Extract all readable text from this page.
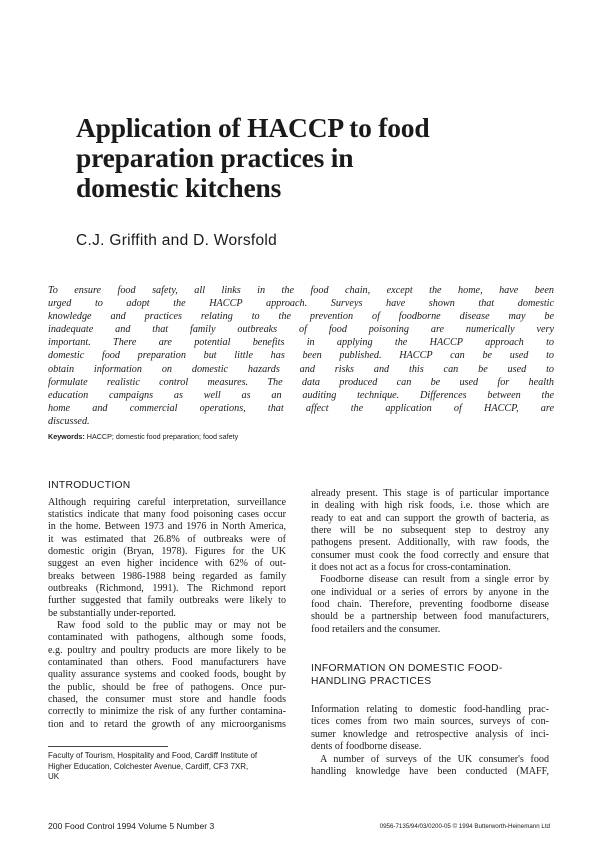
Application of HACCP to food
preparation practices in
domestic kitchens

C.J. Griffith and D. Worsfold

To ensure food safety, all links in the food chain, except the home, have been
urged to adopt the HACCP approach. Surveys have shown that domestic
knowledge and practices relating to the prevention of foodborne disease may be
inadequate and that family outbreaks of food poisoning are numerically very
important. There are potential benefits in applying the HACCP approach to
domestic food preparation but little has been published. HACCP can be used to
obtain information on domestic hazards and risks and this can be used to
formulate realistic control measures. The data produced can be used for health
education campaigns as well as an auditing technique. Differences between the
home and commercial operations, that affect the application of HACCP, are
discussed.

Keywords: HACCP; domestic food preparation; food safety

INTRODUCTION
Although requiring careful interpretation, surveillance
statistics indicate that many food poisoning cases occur
in the home. Between 1973 and 1976 in North America,
it was estimated that 26.8% of outbreaks were of
domestic origin (Bryan, 1978). Figures for the UK
suggest an even higher incidence with 62% of out-
breaks between 1986-1988 being regarded as family
outbreaks (Richmond, 1991). The Richmond report
further suggested that family outbreaks were likely to
be substantially under-reported.
Raw food sold to the public may or may not be
contaminated with pathogens, although some foods,
e.g. poultry and poultry products are more likely to be
contaminated than others. Food manufacturers have
quality assurance systems and cooked foods, bought by
the public, should be free of pathogens. Once pur-
chased, the consumer must store and handle foods
correctly to minimize the risk of any further contamina-
tion and to retard the growth of any microorganisms

Faculty of Tourism, Hospitality and Food, Cardiff Institute of
Higher Education, Colchester Avenue, Cardiff, CF3 7XR,
UK

already present. This stage is of particular importance
in dealing with high risk foods, i.e. those which are
ready to eat and can support the growth of bacteria, as
there will be no subsequent step to destroy any
pathogens present. Additionally, with raw foods, the
consumer must cook the food correctly and ensure that
it does not act as a focus for cross-contamination.
Foodborne disease can result from a single error by
one individual or a series of errors by anyone in the
food chain. Therefore, preventing foodborne disease
should be a partnership between food manufacturers,
food retailers and the consumer.
INFORMATION ON DOMESTIC FOOD-
HANDLING PRACTICES
Information relating to domestic food-handling prac-
tices comes from two main sources, surveys of con-
sumer knowledge and retrospective analysis of inci-
dents of foodborne disease.
A number of surveys of the UK consumer's food
handling knowledge have been conducted (MAFF,

200 Food Control 1994 Volume 5 Number 3	0956-7135/94/03/0200-05 © 1994 Butterworth-Heinemann Ltd
